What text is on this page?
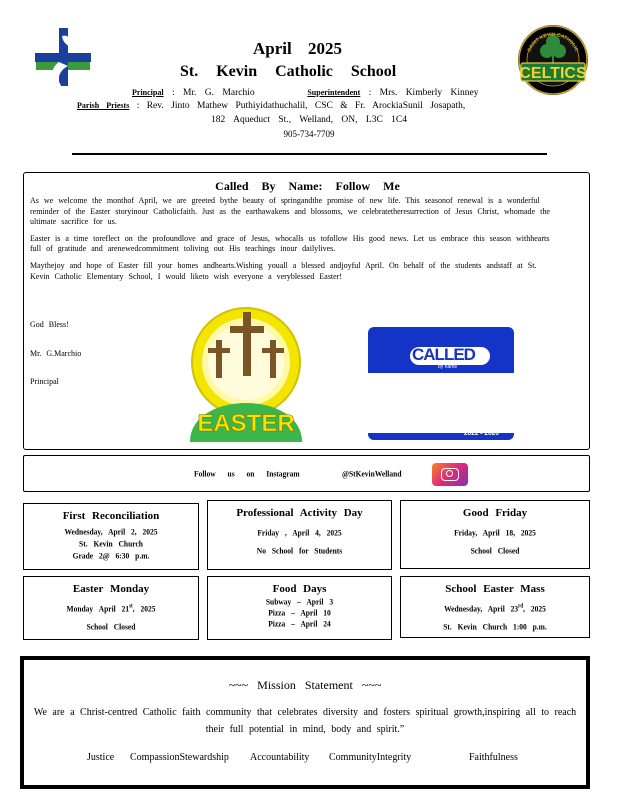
April 2025
St. Kevin Catholic School	CELTICS
SAINT KEVIN CATHOLIC
Principal : Mr. G. Marchio	Superintendent : Mrs. Kimberly Kinney
Parish Priests : Rev. Jinto Mathew Puthiyidathuchalil, CSC & Fr. ArockiaSunil Josapath,
182 Aqueduct St., Welland, ON, L3C 1C4
905-734-7709
Called By Name: Follow Me

As we welcome the monthof April, we are greeted bythe beauty of springandthe promise of new life. This seasonof renewal is a wonderful reminder of the Easter storyinour Catholicfaith. Just as the earthawakens and blossoms, we celebratetheresurrection of Jesus Christ, whomade the ultimate sacrifice for us.

Easter is a time toreflect on the profoundlove and grace of Jesus, whocalls us tofollow His good news. Let us embrace this season withhearts full of gratitude and arenewedcommitment toliving out His teachings inour dailylives.

Maythejoy and hope of Easter fill your homes andhearts.Wishing youall a blessed andjoyful April. On behalf of the students andstaff at St. Kevin Catholic Elementary School, I would liketo wish everyone a veryblessed Easter!

God Bless!
Mr. G.Marchio
Principal
EASTER
CALLED
by name
2022 • 2026
Follow us on Instagram	@StKevinWelland
First Reconciliation
Wednesday, April 2, 2025
St. Kevin Church
Grade 2@ 6:30 p.m.
Professional Activity Day
Friday , April 4, 2025
No School for Students
Good Friday
Friday, April 18, 2025
School Closed
Easter Monday
Monday April 21st, 2025
School Closed
Food Days
Subway – April 3
Pizza – April 10
Pizza – April 24
School Easter Mass
Wednesday, April 23rd, 2025
St. Kevin Church 1:00 p.m.
~~~ Mission Statement ~~~
We are a Christ-centred Catholic faith community that celebrates diversity and fosters spiritual growth,inspiring all to reach their full potential in mind, body and spirit.”
Justice CompassionStewardship Accountability CommunityIntegrity	Faithfulness
